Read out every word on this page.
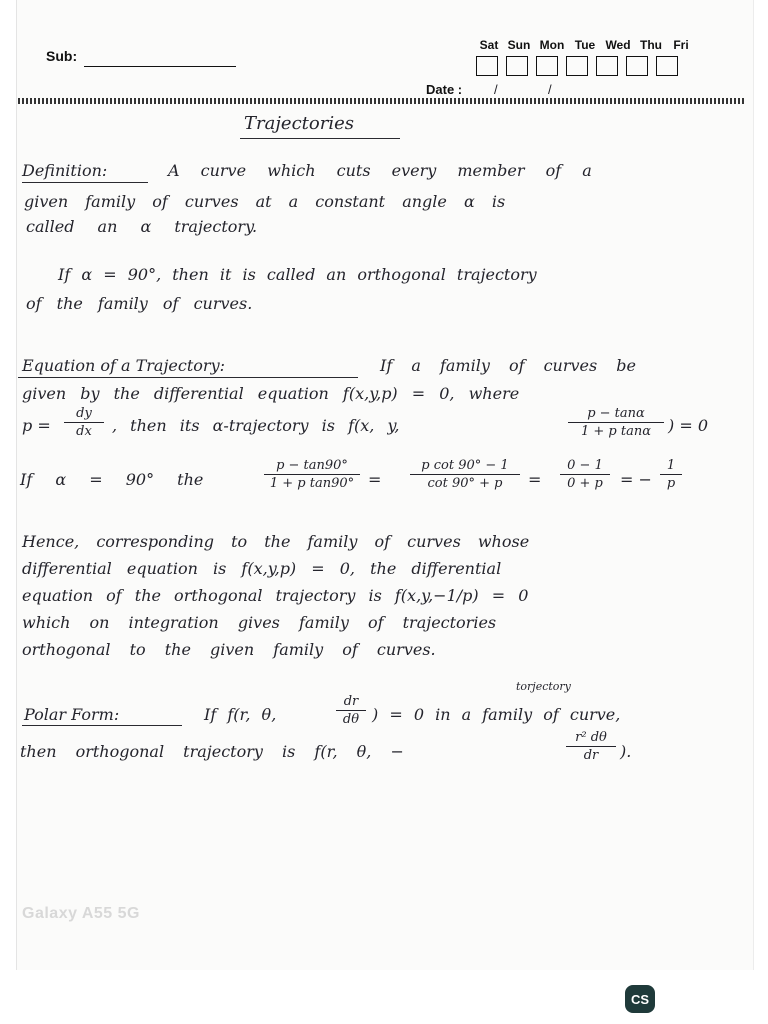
Sub:
Sat Sun Mon Tue Wed Thu Fri
Date : /	/
Trajectories
Definition:	A curve which cuts every member of a
given family of curves at a constant angle α is
called an α trajectory.
If α = 90°, then it is called an orthogonal trajectory
of the family of curves.
Equation of a Trajectory:	If a family of curves be
given by the differential equation f(x,y,p) = 0, where
$p = \frac{dy}{dx}$ , then its α-trajectory is f(x, y,	$\frac{p - \tan\alpha}{\text{1 + p tanα}}$ ) = 0
If α = 90° the	$\frac{p - \tan 90^\circ}{\text{1 + p tan90°}} = \frac{\text{p cot 90° − 1}}{\cot 90^\circ + p} = \frac{0 - 1}{0 + p}$ = − $\frac{1}{p}$
Hence, corresponding to the family of curves whose
differential equation is f(x,y,p) = 0, the differential
equation of the orthogonal trajectory is f(x,y,−1/p) = 0
which on integration gives family of trajectories
orthogonal to the given family of curves.
torjectory
Polar Form:	If f(r, θ,	$\frac{dr}{d\theta}$ ) = 0 in a family of curve,
then orthogonal trajectory is f(r, θ, −	$\frac{\text{r² dθ}}{dr}$ ).
Galaxy A55 5G
CS
